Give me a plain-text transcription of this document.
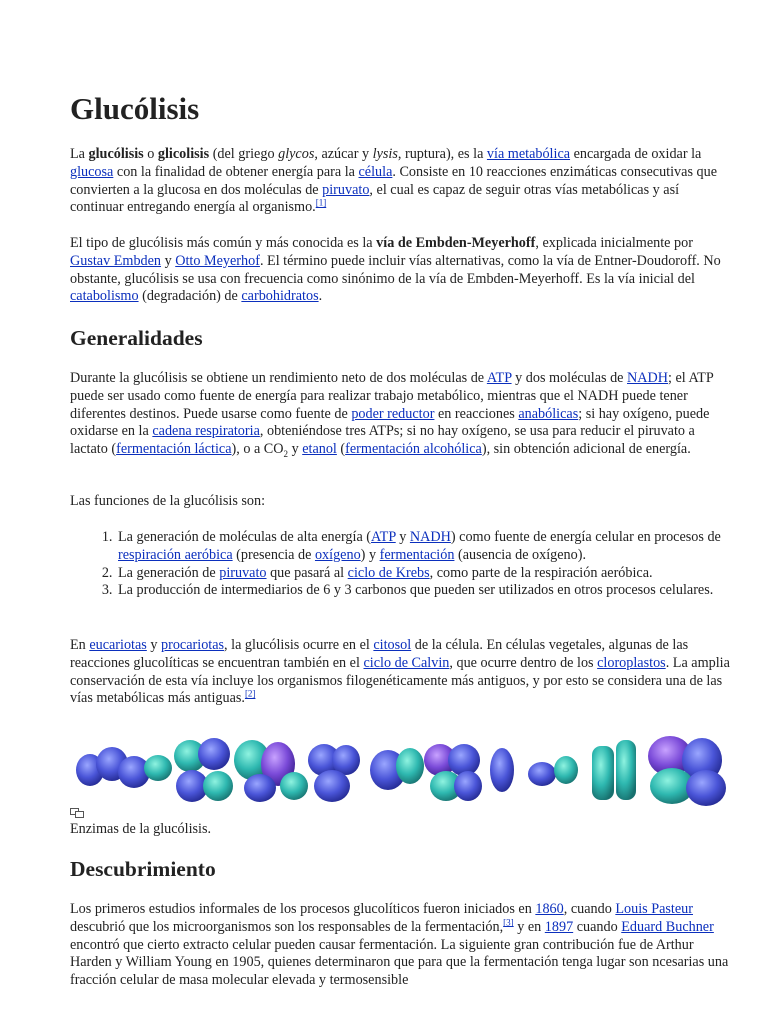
Glucólisis

La glucólisis o glicolisis (del griego glycos, azúcar y lysis, ruptura), es la vía metabólica encargada de oxidar la glucosa con la finalidad de obtener energía para la célula. Consiste en 10 reacciones enzimáticas consecutivas que convierten a la glucosa en dos moléculas de piruvato, el cual es capaz de seguir otras vías metabólicas y así continuar entregando energía al organismo.[1]

El tipo de glucólisis más común y más conocida es la vía de Embden-Meyerhoff, explicada inicialmente por Gustav Embden y Otto Meyerhof. El término puede incluir vías alternativas, como la vía de Entner-Doudoroff. No obstante, glucólisis se usa con frecuencia como sinónimo de la vía de Embden-Meyerhoff. Es la vía inicial del catabolismo (degradación) de carbohidratos.

Generalidades

Durante la glucólisis se obtiene un rendimiento neto de dos moléculas de ATP y dos moléculas de NADH; el ATP puede ser usado como fuente de energía para realizar trabajo metabólico, mientras que el NADH puede tener diferentes destinos. Puede usarse como fuente de poder reductor en reacciones anabólicas; si hay oxígeno, puede oxidarse en la cadena respiratoria, obteniéndose tres ATPs; si no hay oxígeno, se usa para reducir el piruvato a lactato (fermentación láctica), o a $CO_2$ y etanol (fermentación alcohólica), sin obtención adicional de energía.

Las funciones de la glucólisis son:

1. La generación de moléculas de alta energía (ATP y NADH) como fuente de energía celular en procesos de respiración aeróbica (presencia de oxígeno) y fermentación (ausencia de oxígeno).
2. La generación de piruvato que pasará al ciclo de Krebs, como parte de la respiración aeróbica.
3. La producción de intermediarios de 6 y 3 carbonos que pueden ser utilizados en otros procesos celulares.

En eucariotas y procariotas, la glucólisis ocurre en el citosol de la célula. En células vegetales, algunas de las reacciones glucolíticas se encuentran también en el ciclo de Calvin, que ocurre dentro de los cloroplastos. La amplia conservación de esta vía incluye los organismos filogenéticamente más antiguos, y por esto se considera una de las vías metabólicas más antiguas.[2]

Enzimas de la glucólisis.
Descubrimiento

Los primeros estudios informales de los procesos glucolíticos fueron iniciados en 1860, cuando Louis Pasteur descubrió que los microorganismos son los responsables de la fermentación,[3] y en 1897 cuando Eduard Buchner encontró que cierto extracto celular pueden causar fermentación. La siguiente gran contribución fue de Arthur Harden y William Young en 1905, quienes determinaron que para que la fermentación tenga lugar son ncesarias una fracción celular de masa molecular elevada y termosensible
